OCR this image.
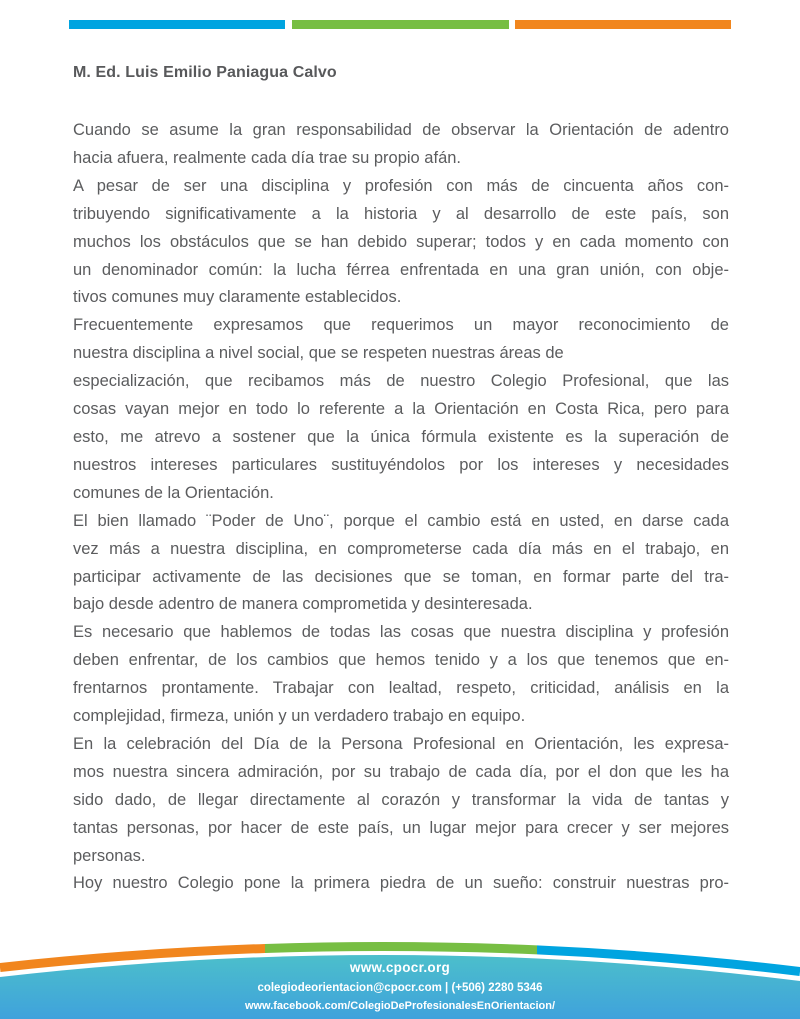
M. Ed. Luis Emilio Paniagua Calvo
Cuando se asume la gran responsabilidad de observar la Orientación de adentro
hacia afuera, realmente cada día trae su propio afán.
A pesar de ser una disciplina y profesión con más de cincuenta años con-
tribuyendo significativamente a la historia y al desarrollo de este país, son
muchos los obstáculos que se han debido superar; todos y en cada momento con
un denominador común: la lucha férrea enfrentada en una gran unión, con obje-
tivos comunes muy claramente establecidos.
Frecuentemente expresamos que requerimos un mayor reconocimiento de
nuestra disciplina a nivel social, que se respeten nuestras áreas de
especialización, que recibamos más de nuestro Colegio Profesional, que las
cosas vayan mejor en todo lo referente a la Orientación en Costa Rica, pero para
esto, me atrevo a sostener que la única fórmula existente es la superación de
nuestros intereses particulares sustituyéndolos por los intereses y necesidades
comunes de la Orientación.
El bien llamado ¨Poder de Uno¨, porque el cambio está en usted, en darse cada
vez más a nuestra disciplina, en comprometerse cada día más en el trabajo, en
participar activamente de las decisiones que se toman, en formar parte del tra-
bajo desde adentro de manera comprometida y desinteresada.
Es necesario que hablemos de todas las cosas que nuestra disciplina y profesión
deben enfrentar, de los cambios que hemos tenido y a los que tenemos que en-
frentarnos prontamente. Trabajar con lealtad, respeto, criticidad, análisis en la
complejidad, firmeza, unión y un verdadero trabajo en equipo.
En la celebración del Día de la Persona Profesional en Orientación, les expresa-
mos nuestra sincera admiración, por su trabajo de cada día, por el don que les ha
sido dado, de llegar directamente al corazón y transformar la vida de tantas y
tantas personas, por hacer de este país, un lugar mejor para crecer y ser mejores
personas.
Hoy nuestro Colegio pone la primera piedra de un sueño: construir nuestras pro-
www.cpocr.org
colegiodeorientacion@cpocr.com | (+506) 2280 5346
www.facebook.com/ColegioDeProfesionalesEnOrientacion/
